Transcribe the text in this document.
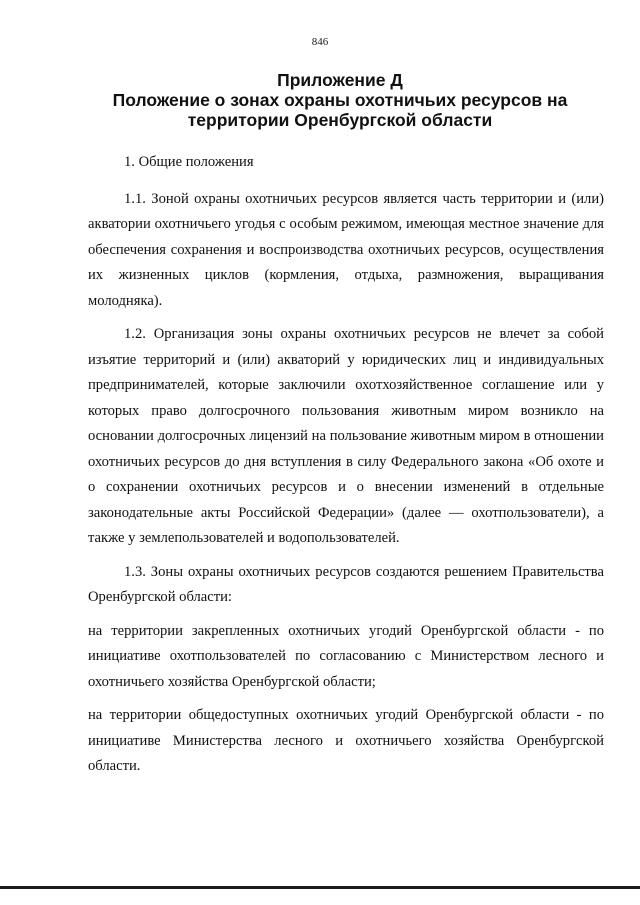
846
Приложение Д
Положение о зонах охраны охотничьих ресурсов на
территории Оренбургской области

1. Общие положения

1.1. Зоной охраны охотничьих ресурсов является часть территории и (или) акватории охотничьего угодья с особым режимом, имеющая местное значение для обеспечения сохранения и воспроизводства охотничьих ресурсов, осуществления их жизненных циклов (кормления, отдыха, размножения, выращивания молодняка).

1.2. Организация зоны охраны охотничьих ресурсов не влечет за собой изъятие территорий и (или) акваторий у юридических лиц и индивидуальных предпринимателей, которые заключили охотхозяйственное соглашение или у которых право долгосрочного пользования животным миром возникло на основании долгосрочных лицензий на пользование животным миром в отношении охотничьих ресурсов до дня вступления в силу Федерального закона «Об охоте и о сохранении охотничьих ресурсов и о внесении изменений в отдельные законодательные акты Российской Федерации» (далее — охотпользователи), а также у землепользователей и водопользователей.

1.3. Зоны охраны охотничьих ресурсов создаются решением Правительства Оренбургской области:

на территории закрепленных охотничьих угодий Оренбургской области - по инициативе охотпользователей по согласованию с Министерством лесного и охотничьего хозяйства Оренбургской области;

на территории общедоступных охотничьих угодий Оренбургской области - по инициативе Министерства лесного и охотничьего хозяйства Оренбургской области.
